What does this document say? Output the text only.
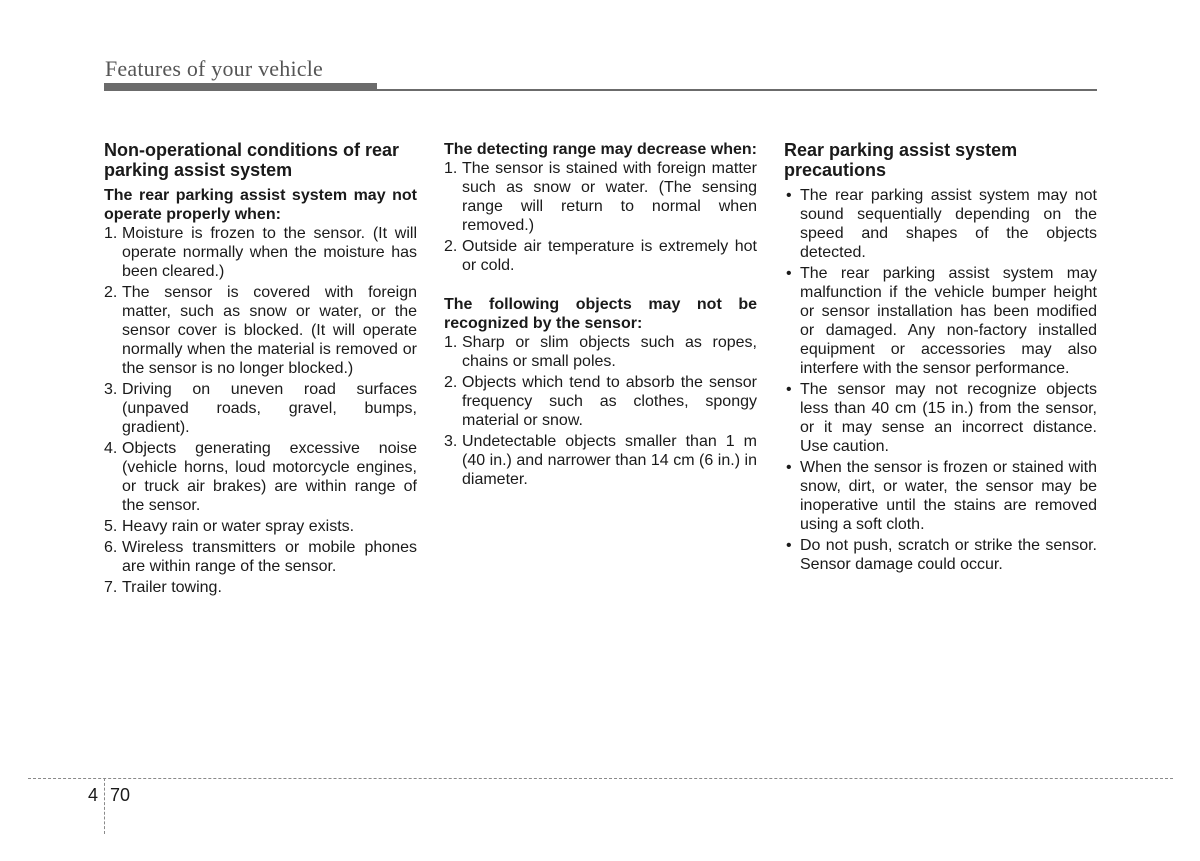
Features of your vehicle
Non-operational conditions of rear parking assist system
The rear parking assist system may not operate properly when:
1. Moisture is frozen to the sensor. (It will operate normally when the moisture has been cleared.)
2. The sensor is covered with foreign matter, such as snow or water, or the sensor cover is blocked. (It will operate normally when the material is removed or the sensor is no longer blocked.)
3. Driving on uneven road surfaces (unpaved roads, gravel, bumps, gradient).
4. Objects generating excessive noise (vehicle horns, loud motorcycle engines, or truck air brakes) are within range of the sensor.
5. Heavy rain or water spray exists.
6. Wireless transmitters or mobile phones are within range of the sensor.
7. Trailer towing.
The detecting range may decrease when:
1. The sensor is stained with foreign matter such as snow or water. (The sensing range will return to normal when removed.)
2. Outside air temperature is extremely hot or cold.
The following objects may not be recognized by the sensor:
1. Sharp or slim objects such as ropes, chains or small poles.
2. Objects which tend to absorb the sensor frequency such as clothes, spongy material or snow.
3. Undetectable objects smaller than 1 m (40 in.) and narrower than 14 cm (6 in.) in diameter.
Rear parking assist system precautions
• The rear parking assist system may not sound sequentially depending on the speed and shapes of the objects detected.
• The rear parking assist system may malfunction if the vehicle bumper height or sensor installation has been modified or damaged. Any non-factory installed equipment or accessories may also interfere with the sensor performance.
• The sensor may not recognize objects less than 40 cm (15 in.) from the sensor, or it may sense an incorrect distance. Use caution.
• When the sensor is frozen or stained with snow, dirt, or water, the sensor may be inoperative until the stains are removed using a soft cloth.
• Do not push, scratch or strike the sensor. Sensor damage could occur.
4 70
